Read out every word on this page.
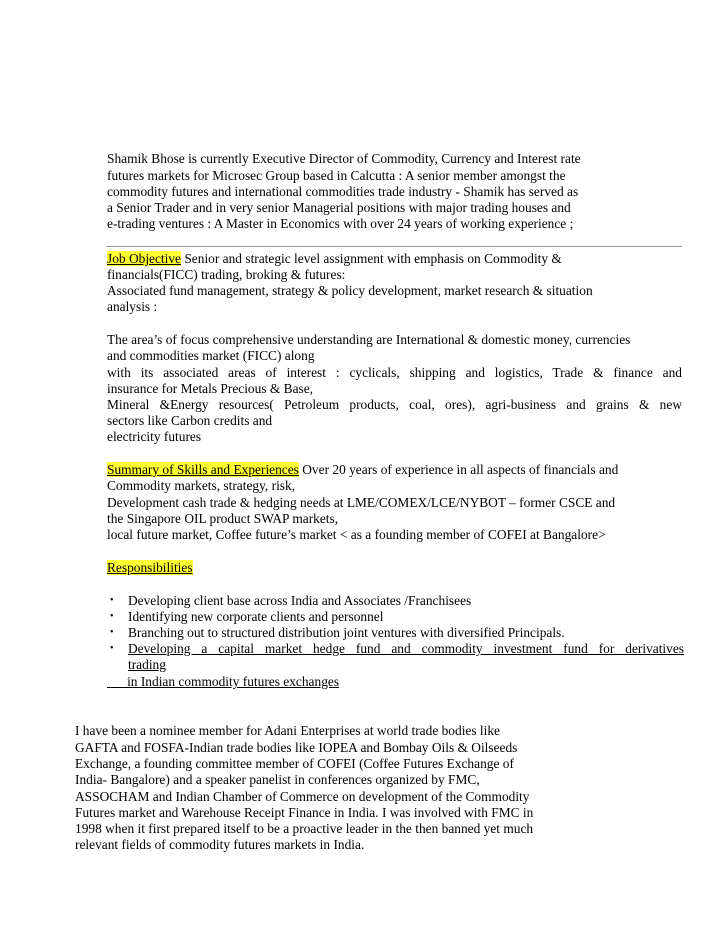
Shamik Bhose is currently Executive Director of Commodity, Currency and Interest rate
futures markets for Microsec Group based in Calcutta : A senior member amongst the
commodity futures and international commodities trade industry - Shamik has served as
a Senior Trader and in very senior Managerial positions with major trading houses and
e-trading ventures : A Master in Economics with over 24 years of working experience ;
Job Objective Senior and strategic level assignment with emphasis on Commodity &
financials(FICC) trading, broking & futures:
Associated fund management, strategy & policy development, market research & situation
analysis :
The area’s of focus comprehensive understanding are International & domestic money, currencies
and commodities market (FICC) along
with its associated areas of interest : cyclicals, shipping and logistics, Trade & finance and
insurance for Metals Precious & Base,
Mineral &Energy resources( Petroleum products, coal, ores), agri-business and grains & new
sectors like Carbon credits and
electricity futures
Summary of Skills and Experiences Over 20 years of experience in all aspects of financials and
Commodity markets, strategy, risk,
Development cash trade & hedging needs at LME/COMEX/LCE/NYBOT – former CSCE and
the Singapore OIL product SWAP markets,
local future market, Coffee future’s market < as a founding member of COFEI at Bangalore>
Responsibilities
• Developing client base across India and Associates /Franchisees
• Identifying new corporate clients and personnel
• Branching out to structured distribution joint ventures with diversified Principals.
• Developing a capital market hedge fund and commodity investment fund for derivatives
trading
in Indian commodity futures exchanges
I have been a nominee member for Adani Enterprises at world trade bodies like
GAFTA and FOSFA-Indian trade bodies like IOPEA and Bombay Oils & Oilseeds
Exchange, a founding committee member of COFEI (Coffee Futures Exchange of
India- Bangalore) and a speaker panelist in conferences organized by FMC,
ASSOCHAM and Indian Chamber of Commerce on development of the Commodity
Futures market and Warehouse Receipt Finance in India. I was involved with FMC in
1998 when it first prepared itself to be a proactive leader in the then banned yet much
relevant fields of commodity futures markets in India.
